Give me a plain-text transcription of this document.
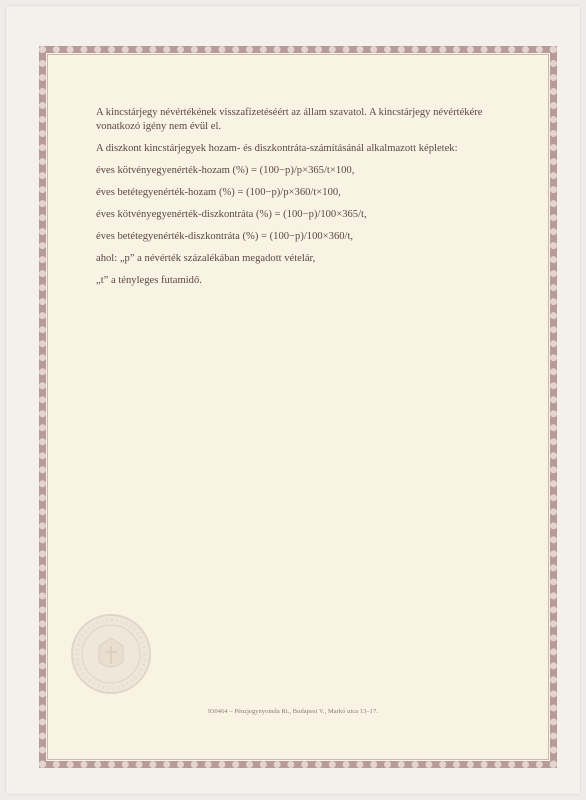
A kincstárjegy névértékének visszafizetéséért az állam szavatol. A kincstárjegy névértékére vonatkozó igény nem évül el.

A diszkont kincstárjegyek hozam- és diszkontráta-számításánál alkalmazott képletek:

éves kötvényegyenérték-hozam (%) = (100−p)/p×365/t×100,

éves betétegyenérték-hozam (%) = (100−p)/p×360/t×100,

éves kötvényegyenérték-diszkontráta (%) = (100−p)/100×365/t,

éves betétegyenérték-diszkontráta (%) = (100−p)/100×360/t,

ahol: „p” a névérték százalékában megadott vételár,

„t” a tényleges futamidő.

930464 – Pénzjegynyomda Rt., Budapest V., Markó utca 13–17.
